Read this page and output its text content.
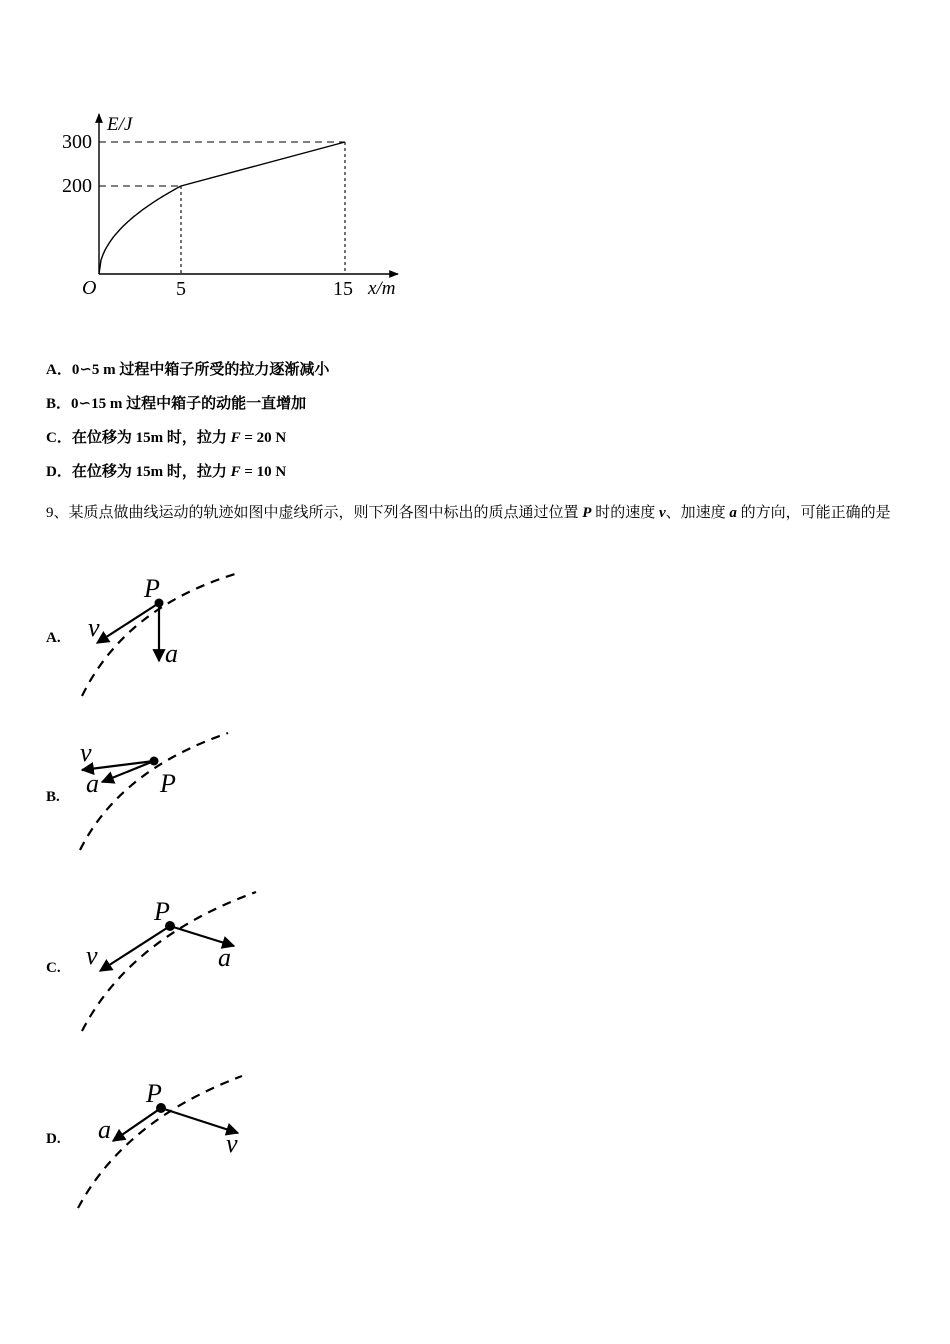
E/J
x/m
O
300
200
5	15
A．0∽5 m 过程中箱子所受的拉力逐渐减小
B．0∽15 m 过程中箱子的动能一直增加
C．在位移为 15m 时，拉力 F = 20 N
D．在位移为 15m 时，拉力 F = 10 N
9、某质点做曲线运动的轨迹如图中虚线所示，则下列各图中标出的质点通过位置 P 时的速度 v、加速度 a 的方向，可能正确的是
A.
P
v
a
B.
v
a P
C.
P
v	a
D.
P
a	v
